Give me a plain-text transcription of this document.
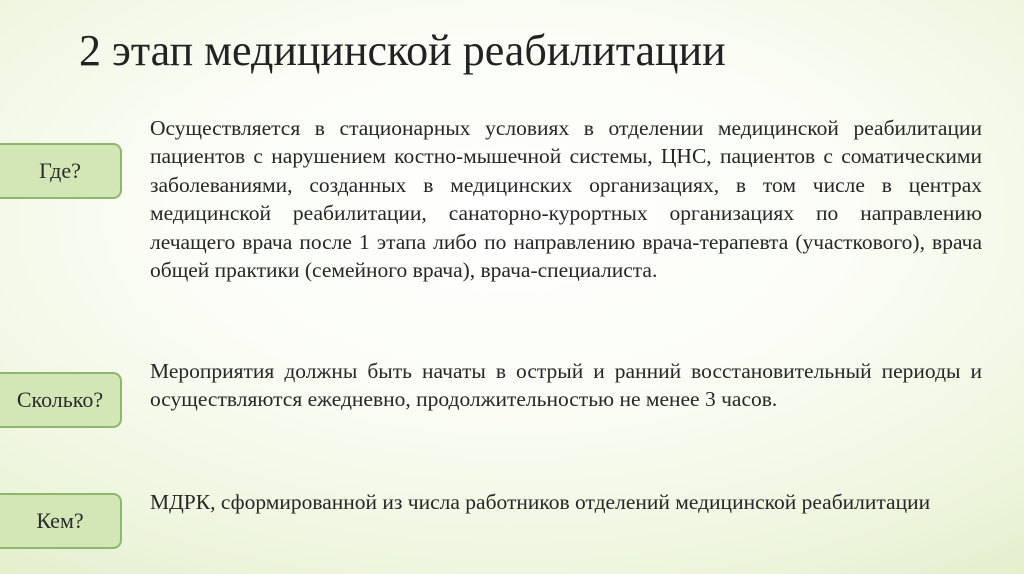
2 этап медицинской реабилитации
Где?

Осуществляется в стационарных условиях в отделении медицинской реабилитации пациентов с нарушением костно-мышечной системы, ЦНС, пациентов с соматическими заболеваниями, созданных в медицинских организациях, в том числе в центрах медицинской реабилитации, санаторно-курортных организациях по направлению лечащего врача после 1 этапа либо по направлению врача-терапевта (участкового), врача общей практики (семейного врача), врача-специалиста.

Сколько?

Мероприятия должны быть начаты в острый и ранний восстановительный периоды и осуществляются ежедневно, продолжительностью не менее 3 часов.

Кем?

МДРК, сформированной из числа работников отделений медицинской реабилитации
